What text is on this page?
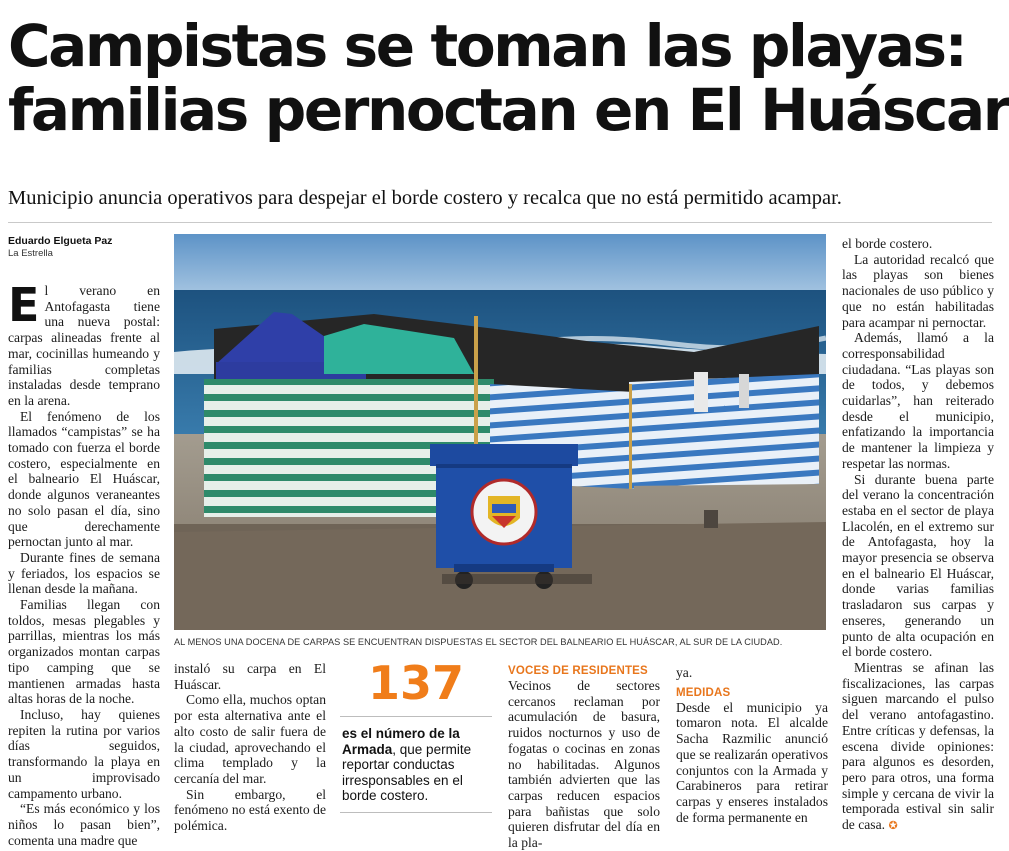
Campistas se toman las playas:
familias pernoctan en El Huáscar

Municipio anuncia operativos para despejar el borde costero y recalca que no está permitido acampar.

Eduardo Elgueta Paz
La Estrella
E l verano en Antofagasta tiene una nueva postal: carpas alineadas frente al mar, cocinillas humeando y familias completas instaladas desde temprano en la arena.

El fenómeno de los llamados “campistas” se ha tomado con fuerza el borde costero, especialmente en el balneario El Huáscar, donde algunos veraneantes no solo pasan el día, sino que derechamente pernoctan junto al mar.

Durante fines de semana y feriados, los espacios se llenan desde la mañana.

Familias llegan con toldos, mesas plegables y parrillas, mientras los más organizados montan carpas tipo camping que se mantienen armadas hasta altas horas de la noche.

Incluso, hay quienes repiten la rutina por varios días seguidos, transformando la playa en un improvisado campamento urbano.

“Es más económico y los niños lo pasan bien”, comenta una madre que

AL MENOS UNA DOCENA DE CARPAS SE ENCUENTRAN DISPUESTAS EL SECTOR DEL BALNEARIO EL HUÁSCAR, AL SUR DE LA CIUDAD.

instaló su carpa en El Huáscar.

Como ella, muchos optan por esta alternativa ante el alto costo de salir fuera de la ciudad, aprovechando el clima templado y la cercanía del mar.

Sin embargo, el fenómeno no está exento de polémica.

137
es el número de la Armada, que permite reportar conductas irresponsables en el borde costero.
VOCES DE RESIDENTES

Vecinos de sectores cercanos reclaman por acumulación de basura, ruidos nocturnos y uso de fogatas o cocinas en zonas no habilitadas. Algunos también advierten que las carpas reducen espacios para bañistas que solo quieren disfrutar del día en la pla-

ya.

MEDIDAS

Desde el municipio ya tomaron nota. El alcalde Sacha Razmilic anunció que se realizarán operativos conjuntos con la Armada y Carabineros para retirar carpas y enseres instalados de forma permanente en

el borde costero.

La autoridad recalcó que las playas son bienes nacionales de uso público y que no están habilitadas para acampar ni pernoctar.

Además, llamó a la corresponsabilidad ciudadana. “Las playas son de todos, y debemos cuidarlas”, han reiterado desde el municipio, enfatizando la importancia de mantener la limpieza y respetar las normas.

Si durante buena parte del verano la concentración estaba en el sector de playa Llacolén, en el extremo sur de Antofagasta, hoy la mayor presencia se observa en el balneario El Huáscar, donde varias familias trasladaron sus carpas y enseres, generando un punto de alta ocupación en el borde costero.

Mientras se afinan las fiscalizaciones, las carpas siguen marcando el pulso del verano antofagastino. Entre críticas y defensas, la escena divide opiniones: para algunos es desorden, pero para otros, una forma simple y cercana de vivir la temporada estival sin salir de casa. ✪
